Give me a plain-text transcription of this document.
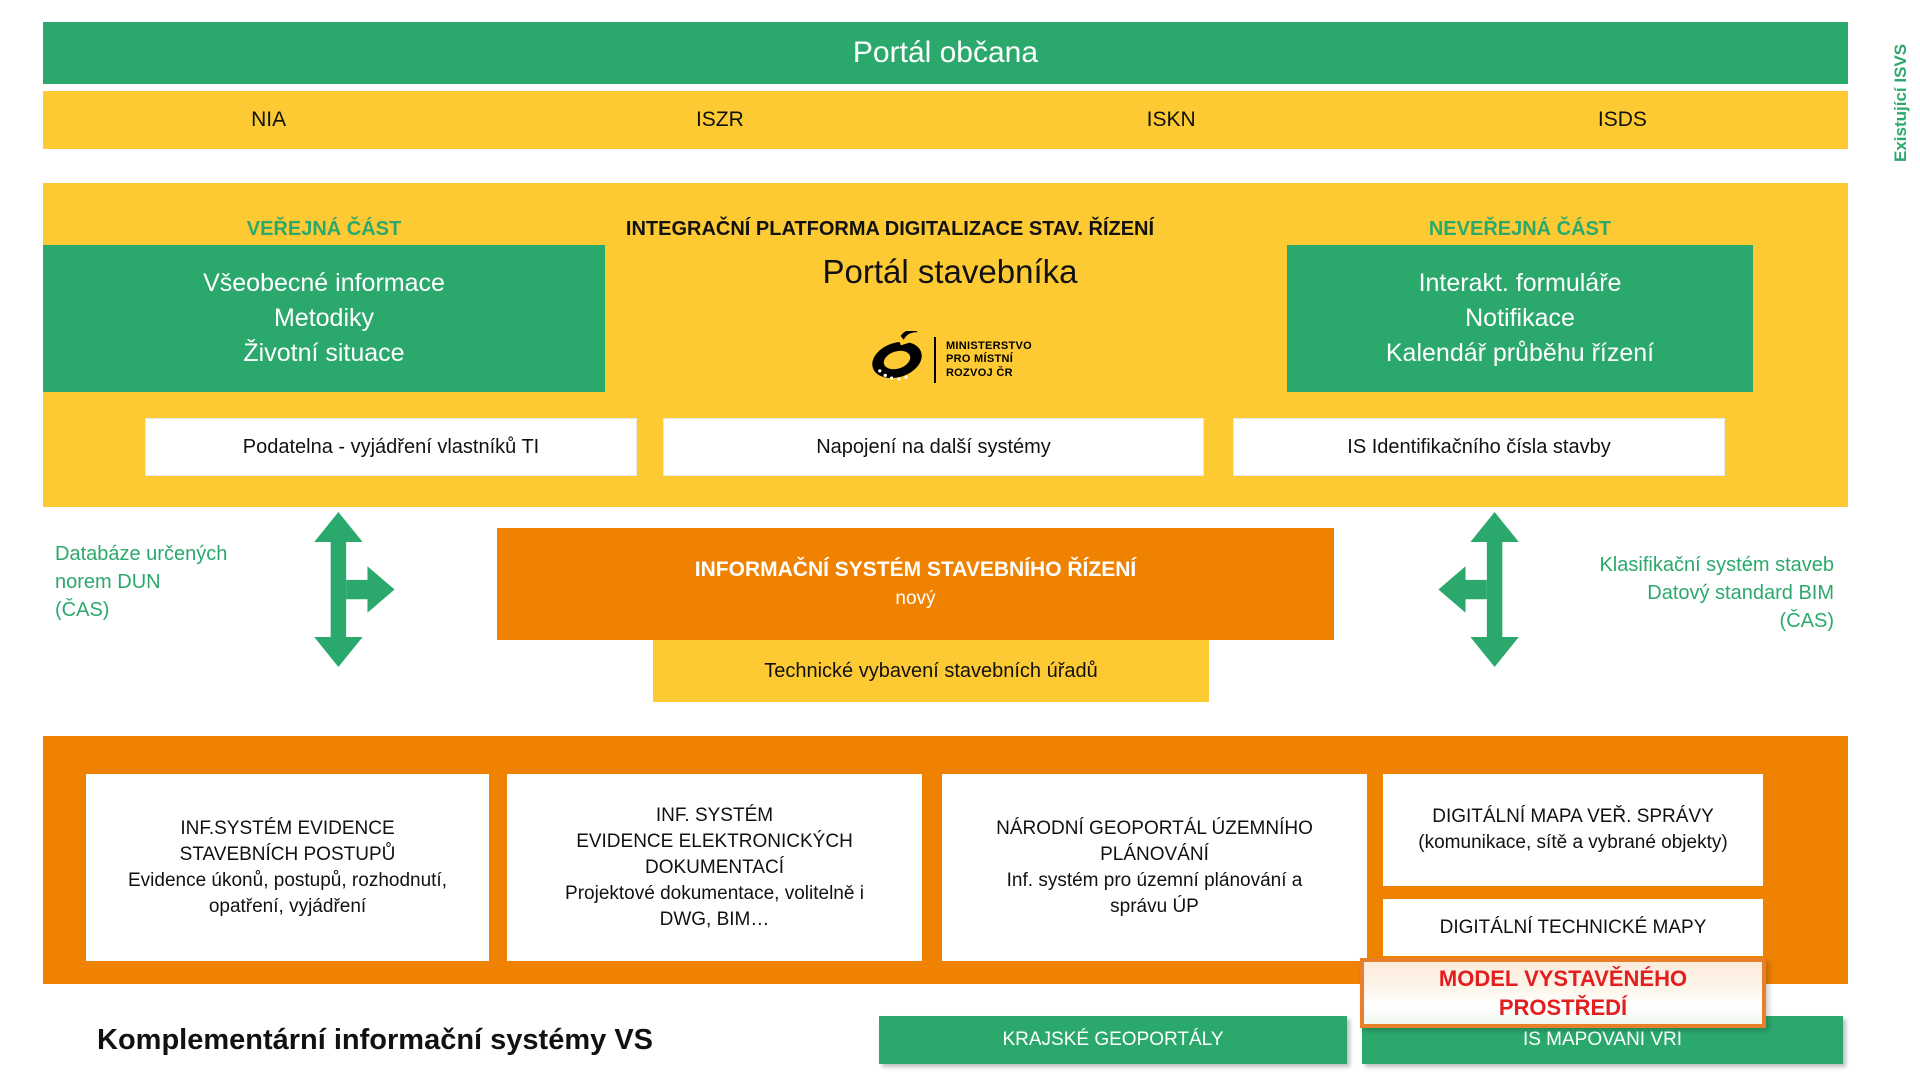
Portál občana
NIA	ISZR	ISKN	ISDS	Existující ISVS
VEŘEJNÁ ČÁST	INTEGRAČNÍ PLATFORMA DIGITALIZACE STAV. ŘÍZENÍ	NEVEŘEJNÁ ČÁST
Všeobecné informace
Metodiky
Životní situace
Portál stavebníka
MINISTERSTVO
PRO MÍSTNÍ
ROZVOJ ČR
Podatelna - vyjádření vlastníků TI	Napojení na další systémy	IS Identifikačního čísla stavby
Interakt. formuláře
Notifikace
Kalendář průběhu řízení
Databáze určených
norem DUN
(ČAS)
INFORMAČNÍ SYSTÉM STAVEBNÍHO ŘÍZENÍ
nový
Technické vybavení stavebních úřadů
Klasifikační systém staveb
Datový standard BIM
(ČAS)
INF.SYSTÉM EVIDENCE
STAVEBNÍCH POSTUPŮ
Evidence úkonů, postupů, rozhodnutí,
opatření, vyjádření
INF. SYSTÉM
EVIDENCE ELEKTRONICKÝCH
DOKUMENTACÍ
Projektové dokumentace, volitelně i
DWG, BIM…
NÁRODNÍ GEOPORTÁL ÚZEMNÍHO
PLÁNOVÁNÍ
Inf. systém pro územní plánování a
správu ÚP
DIGITÁLNÍ MAPA VEŘ. SPRÁVY
(komunikace, sítě a vybrané objekty)
DIGITÁLNÍ TECHNICKÉ MAPY
MODEL VYSTAVĚNÉHO
PROSTŘEDÍ
Komplementární informační systémy VS	KRAJSKÉ GEOPORTÁLY	IS MAPOVANI VRI
